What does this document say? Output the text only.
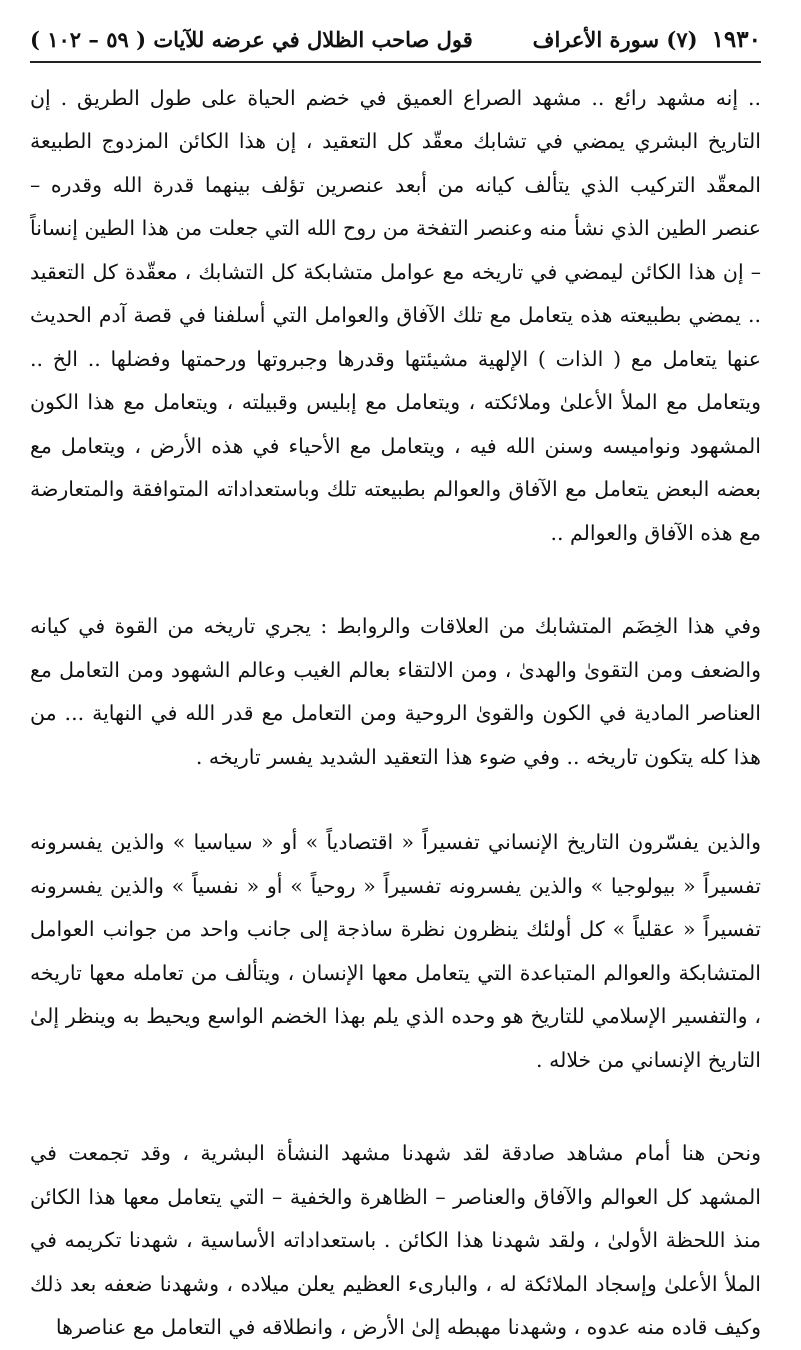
١٩٣٠
(٧) سورة الأعراف
قول صاحب الظلال في عرضه للآيات ( ٥٩ – ١٠٢ )

.. إنه مشهد رائع .. مشهد الصراع العميق في خضم الحياة على طول الطريق . إن التاريخ البشري يمضي في تشابك معقّد كل التعقيد ، إن هذا الكائن المزدوج الطبيعة المعقّد التركيب الذي يتألف كيانه من أبعد عنصرين تؤلف بينهما قدرة الله وقدره – عنصر الطين الذي نشأ منه وعنصر التفخة من روح الله التي جعلت من هذا الطين إنساناً – إن هذا الكائن ليمضي في تاريخه مع عوامل متشابكة كل التشابك ، معقّدة كل التعقيد .. يمضي بطبيعته هذه يتعامل مع تلك الآفاق والعوامل التي أسلفنا في قصة آدم الحديث عنها يتعامل مع ( الذات ) الإلهية مشيئتها وقدرها وجبروتها ورحمتها وفضلها .. الخ .. ويتعامل مع الملأ الأعلىٰ وملائكته ، ويتعامل مع إبليس وقبيلته ، ويتعامل مع هذا الكون المشهود ونواميسه وسنن الله فيه ، ويتعامل مع الأحياء في هذه الأرض ، ويتعامل مع بعضه البعض يتعامل مع الآفاق والعوالم بطبيعته تلك وباستعداداته المتوافقة والمتعارضة مع هذه الآفاق والعوالم ..

وفي هذا الخِضَم المتشابك من العلاقات والروابط : يجري تاريخه من القوة في كيانه والضعف ومن التقوىٰ والهدىٰ ، ومن الالتقاء بعالم الغيب وعالم الشهود ومن التعامل مع العناصر المادية في الكون والقوىٰ الروحية ومن التعامل مع قدر الله في النهاية ... من هذا كله يتكون تاريخه .. وفي ضوء هذا التعقيد الشديد يفسر تاريخه .

والذين يفسّرون التاريخ الإنساني تفسيراً « اقتصادياً » أو « سياسيا » والذين يفسرونه تفسيراً « بيولوجيا » والذين يفسرونه تفسيراً « روحياً » أو « نفسياً » والذين يفسرونه تفسيراً « عقلياً » كل أولئك ينظرون نظرة ساذجة إلى جانب واحد من جوانب العوامل المتشابكة والعوالم المتباعدة التي يتعامل معها الإنسان ، ويتألف من تعامله معها تاريخه ، والتفسير الإسلامي للتاريخ هو وحده الذي يلم بهذا الخضم الواسع ويحيط به وينظر إلىٰ التاريخ الإنساني من خلاله .

ونحن هنا أمام مشاهد صادقة لقد شهدنا مشهد النشأة البشرية ، وقد تجمعت في المشهد كل العوالم والآفاق والعناصر – الظاهرة والخفية – التي يتعامل معها هذا الكائن منذ اللحظة الأولىٰ ، ولقد شهدنا هذا الكائن . باستعداداته الأساسية ، شهدنا تكريمه في الملأ الأعلىٰ وإسجاد الملائكة له ، والبارىء العظيم يعلن ميلاده ، وشهدنا ضعفه بعد ذلك وكيف قاده منه عدوه ، وشهدنا مهبطه إلىٰ الأرض ، وانطلاقه في التعامل مع عناصرها
